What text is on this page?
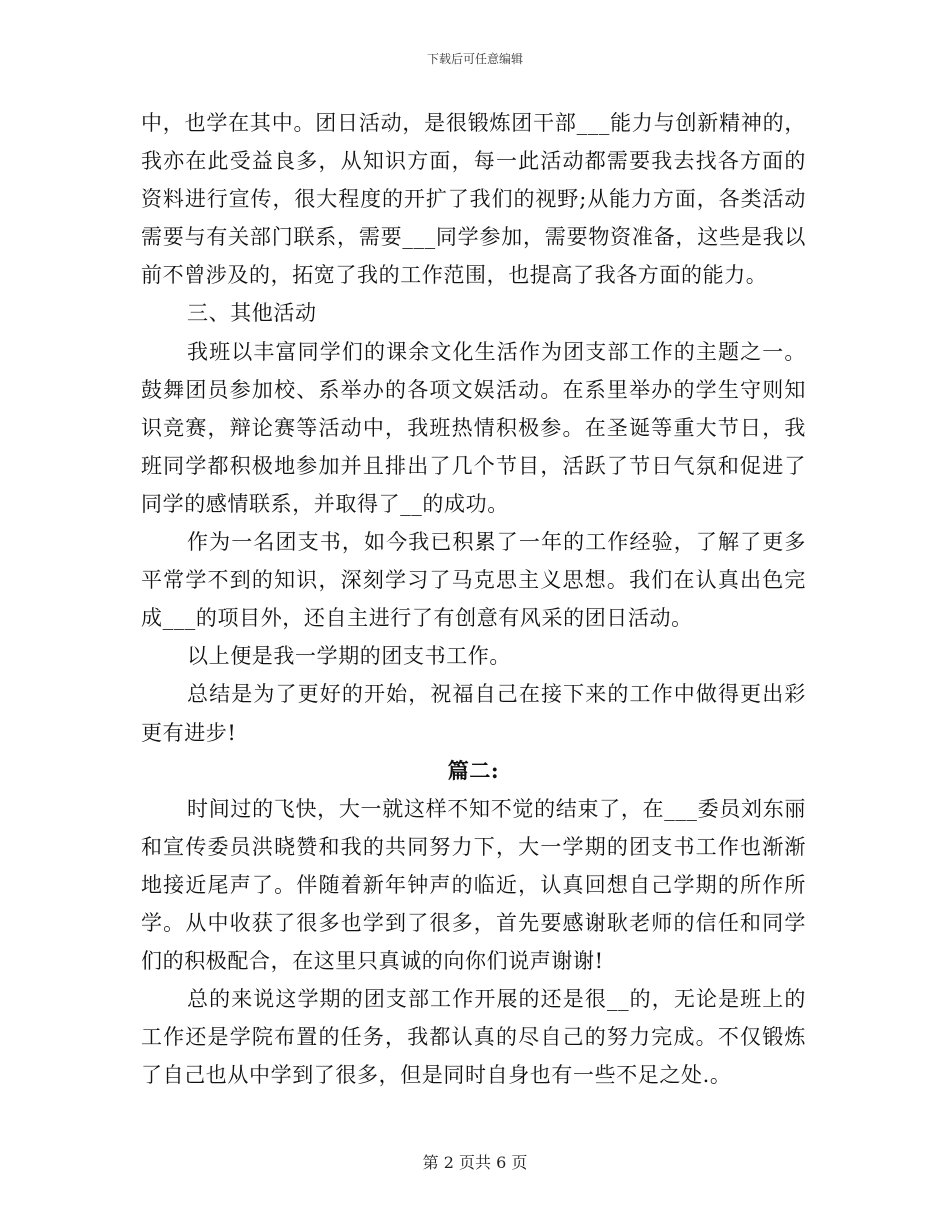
下载后可任意编辑

中，也学在其中。团日活动，是很锻炼团干部___能力与创新精神的，我亦在此受益良多，从知识方面，每一此活动都需要我去找各方面的资料进行宣传，很大程度的开扩了我们的视野;从能力方面，各类活动需要与有关部门联系，需要___同学参加，需要物资准备，这些是我以前不曾涉及的，拓宽了我的工作范围，也提高了我各方面的能力。

三、其他活动

我班以丰富同学们的课余文化生活作为团支部工作的主题之一。鼓舞团员参加校、系举办的各项文娱活动。在系里举办的学生守则知识竞赛，辩论赛等活动中，我班热情积极参。在圣诞等重大节日，我班同学都积极地参加并且排出了几个节目，活跃了节日气氛和促进了同学的感情联系，并取得了__的成功。

作为一名团支书，如今我已积累了一年的工作经验，了解了更多平常学不到的知识，深刻学习了马克思主义思想。我们在认真出色完成___的项目外，还自主进行了有创意有风采的团日活动。

以上便是我一学期的团支书工作。

总结是为了更好的开始，祝福自己在接下来的工作中做得更出彩更有进步!

篇二:

时间过的飞快，大一就这样不知不觉的结束了，在___委员刘东丽和宣传委员洪晓赞和我的共同努力下，大一学期的团支书工作也渐渐地接近尾声了。伴随着新年钟声的临近，认真回想自己学期的所作所学。从中收获了很多也学到了很多，首先要感谢耿老师的信任和同学们的积极配合，在这里只真诚的向你们说声谢谢!

总的来说这学期的团支部工作开展的还是很__的，无论是班上的工作还是学院布置的任务，我都认真的尽自己的努力完成。不仅锻炼了自己也从中学到了很多，但是同时自身也有一些不足之处.。

第 2 页共 6 页
